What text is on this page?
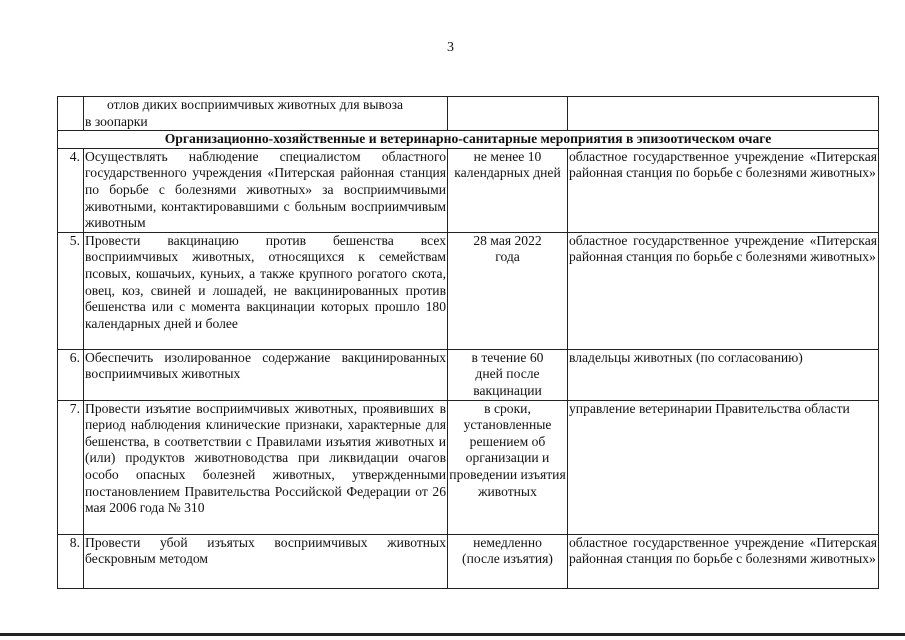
3

	отлов диких восприимчивых животных для вывоза
в зоопарки		

Организационно-хозяйственные и ветеринарно-санитарные мероприятия в эпизоотическом очаге			
4.	Осуществлять наблюдение специалистом областного государственного учреждения «Питерская районная станция по борьбе с болезнями животных» за восприимчивыми животными, контактировавшими с больным восприимчивым животным	не менее 10 календарных дней	областное государственное учреждение «Питерская районная станция по борьбе с болезнями животных»
5.	Провести вакцинацию против бешенства всех восприимчивых животных, относящихся к семействам псовых, кошачьих, куньих, а также крупного рогатого скота, овец, коз, свиней и лошадей, не вакцинированных против бешенства или с момента вакцинации которых прошло 180 календарных дней и более	28 мая 2022 года	областное государственное учреждение «Питерская районная станция по борьбе с болезнями животных»
6.	Обеспечить изолированное содержание вакцинированных восприимчивых животных	в течение 60 дней после вакцинации	владельцы животных (по согласованию)
7.	Провести изъятие восприимчивых животных, проявивших в период наблюдения клинические признаки, характерные для бешенства, в соответствии с Правилами изъятия животных и (или) продуктов животноводства при ликвидации очагов особо опасных болезней животных, утвержденными постановлением Правительства Российской Федерации от 26 мая 2006 года № 310	в сроки, установленные решением об организации и проведении изъятия животных	управление ветеринарии Правительства области
8.	Провести убой изъятых восприимчивых животных бескровным методом	немедленно (после изъятия)	областное государственное учреждение «Питерская районная станция по борьбе с болезнями животных»
